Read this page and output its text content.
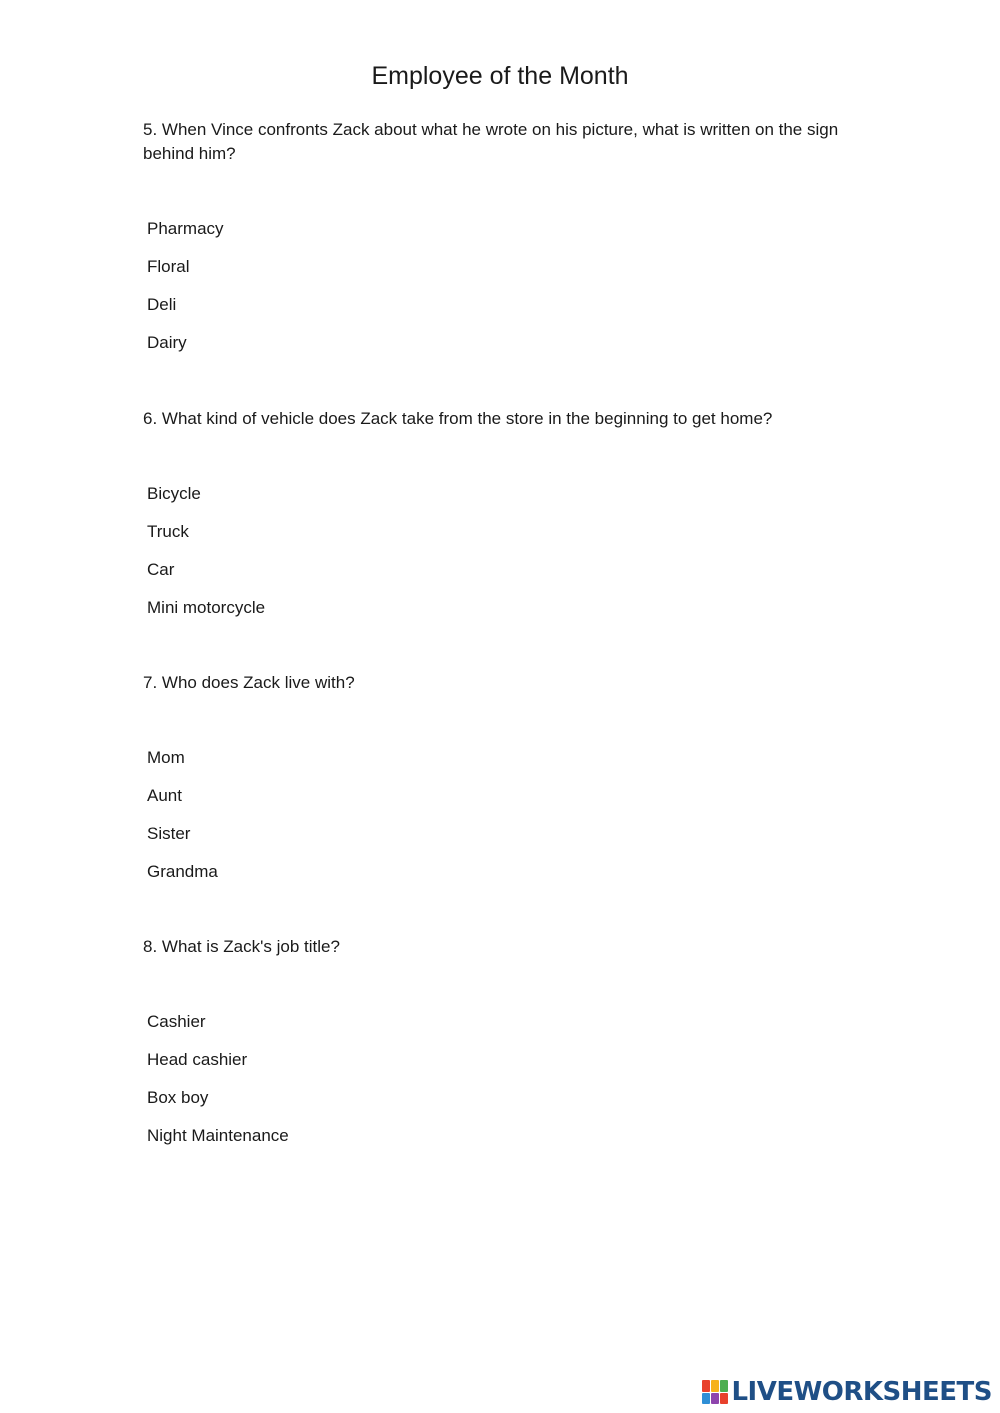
Employee of the Month

5. When Vince confronts Zack about what he wrote on his picture, what is written on the sign behind him?

Pharmacy
Floral
Deli
Dairy

6. What kind of vehicle does Zack take from the store in the beginning to get home?

Bicycle
Truck
Car
Mini motorcycle

7. Who does Zack live with?

Mom
Aunt
Sister
Grandma

8. What is Zack's job title?

Cashier
Head cashier
Box boy
Night Maintenance
LIVEWORKSHEETS
